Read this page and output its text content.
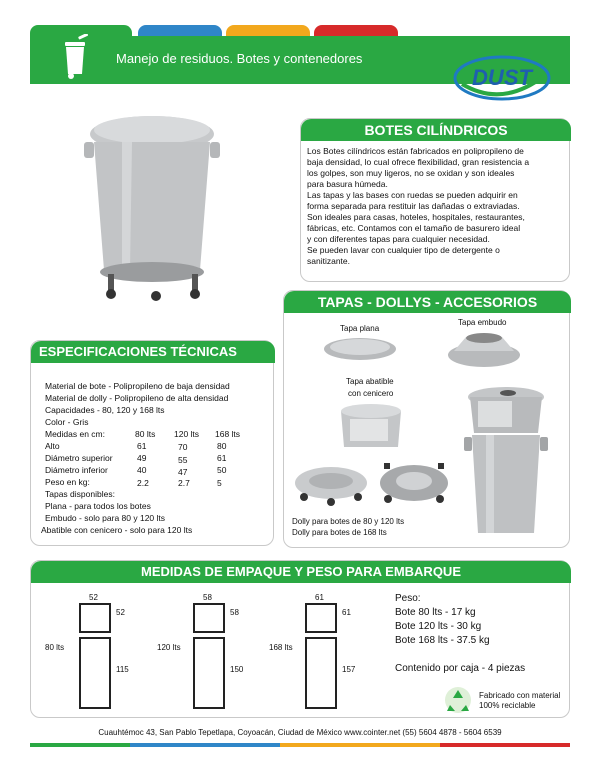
Manejo de residuos. Botes y contenedores
DUST
BOTES CILÍNDRICOS
Los Botes cilíndricos están fabricados en polipropileno de
baja densidad, lo cual ofrece flexibilidad, gran resistencia a
los golpes, son muy ligeros, no se oxidan y son ideales
para basura húmeda.
Las tapas y las bases con ruedas se pueden adquirir en
forma separada para restituir las dañadas o extraviadas.
Son ideales para casas, hoteles, hospitales, restaurantes,
fábricas, etc. Contamos con el tamaño de basurero ideal
y con diferentes tapas para cualquier necesidad.
Se pueden lavar con cualquier tipo de detergente o
sanitizante.
TAPAS - DOLLYS - ACCESORIOS
Tapa plana
Tapa embudo
Tapa abatible
con cenicero
Dolly para botes de 80 y 120 lts
Dolly para botes de 168 lts
ESPECIFICACIONES TÉCNICAS
Material de bote - Polipropileno de baja densidad
Material de dolly - Polipropileno de alta densidad
Capacidades - 80, 120 y 168 lts
Color - Gris
Medidas en cm:	80 lts 120 lts 168 lts
Alto	61	70	80
Diámetro superior	49	55	61
Diámetro inferior	40	47	50
Peso en kg:	2.2	2.7	5
Tapas disponibles:
Plana - para todos los botes
Embudo - solo para 80 y 120 lts
Abatible con cenicero - solo para 120 lts
MEDIDAS DE EMPAQUE Y PESO PARA EMBARQUE
52
52
80 lts
115
58
58
120 lts
150
61
61
168 lts
157
Peso:
Bote 80 lts - 17 kg
Bote 120 lts - 30 kg
Bote 168 lts - 37.5 kg
Contenido por caja - 4 piezas
Fabricado con material
100% reciclable
Cuauhtémoc 43, San Pablo Tepetlapa, Coyoacán, Ciudad de México www.cointer.net (55) 5604 4878 - 5604 6539
